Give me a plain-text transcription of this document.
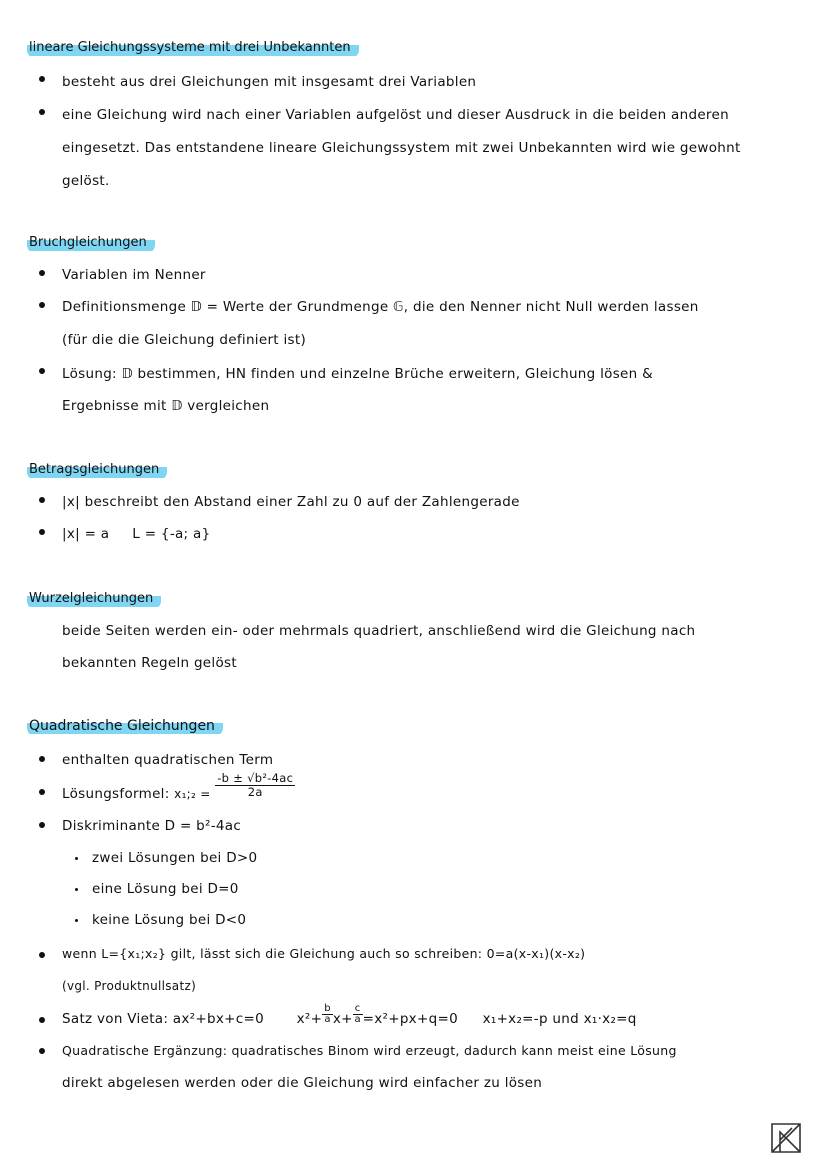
lineare Gleichungssysteme mit drei Unbekannten
besteht aus drei Gleichungen mit insgesamt drei Variablen
eine Gleichung wird nach einer Variablen aufgelöst und dieser Ausdruck in die beiden anderen
eingesetzt. Das entstandene lineare Gleichungssystem mit zwei Unbekannten wird wie gewohnt
gelöst.
Bruchgleichungen
Variablen im Nenner
Definitionsmenge 𝔻 = Werte der Grundmenge 𝔾, die den Nenner nicht Null werden lassen
(für die die Gleichung definiert ist)
Lösung: 𝔻 bestimmen, HN finden und einzelne Brüche erweitern, Gleichung lösen &
Ergebnisse mit 𝔻 vergleichen
Betragsgleichungen
|x| beschreibt den Abstand einer Zahl zu 0 auf der Zahlengerade
|x| = a     L = {-a; a}
Wurzelgleichungen
beide Seiten werden ein- oder mehrmals quadriert, anschließend wird die Gleichung nach
bekannten Regeln gelöst
Quadratische Gleichungen
enthalten quadratischen Term
Lösungsformel: x₁;₂ = $\frac{\text{-b ± √b²-4ac}}{2a}$
Diskriminante D = b²-4ac
zwei Lösungen bei D>0
eine Lösung bei D=0
keine Lösung bei D<0
wenn L={x₁;x₂} gilt, lässt sich die Gleichung auch so schreiben: 0=a(x-x₁)(x-x₂)
(vgl. Produktnullsatz)
Satz von Vieta: ax²+bx+c=0 $x^2+ \frac{b}{a} x+ \frac{c}{a} =x^2+px+q=0$ x₁+x₂=-p und x₁·x₂=q
Quadratische Ergänzung: quadratisches Binom wird erzeugt, dadurch kann meist eine Lösung
direkt abgelesen werden oder die Gleichung wird einfacher zu lösen
